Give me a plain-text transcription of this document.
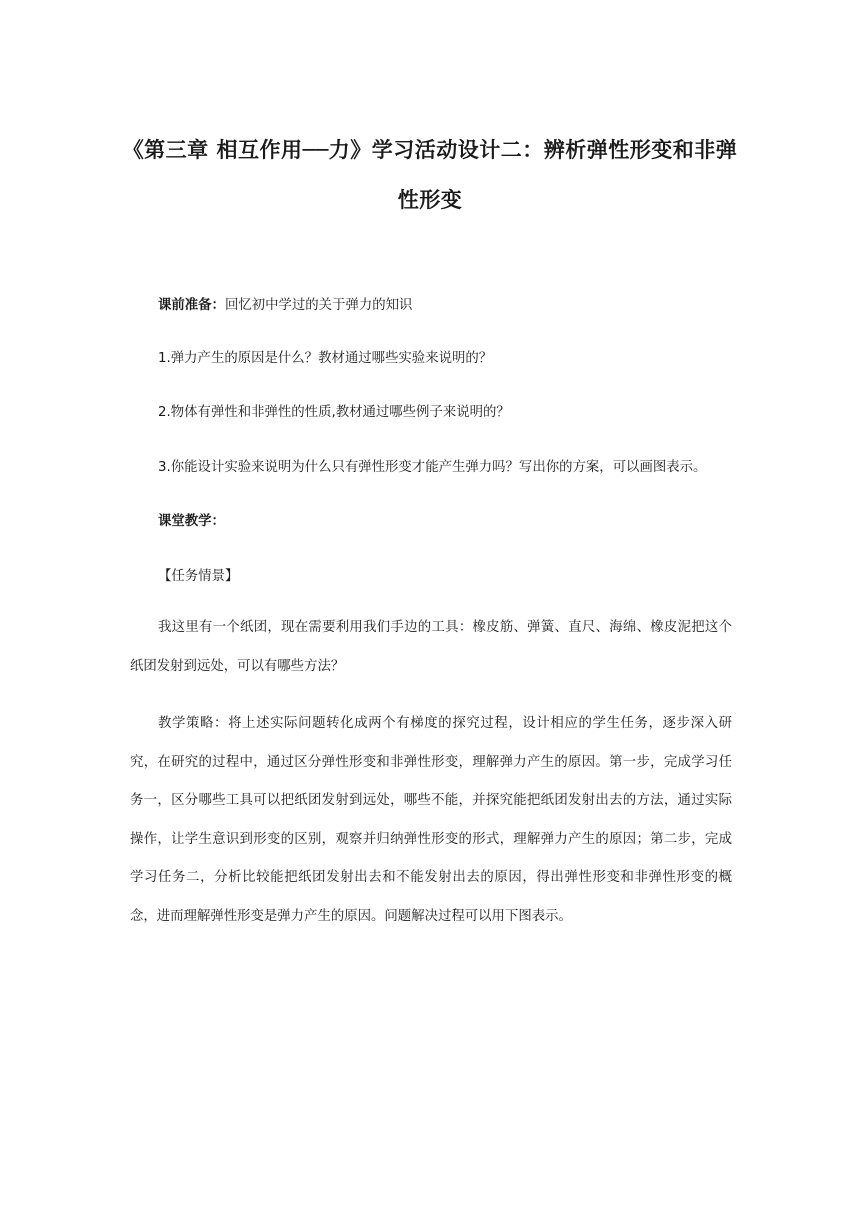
《第三章 相互作用──力》学习活动设计二：辨析弹性形变和非弹性形变

课前准备：回忆初中学过的关于弹力的知识

1.弹力产生的原因是什么？教材通过哪些实验来说明的？

2.物体有弹性和非弹性的性质,教材通过哪些例子来说明的？

3.你能设计实验来说明为什么只有弹性形变才能产生弹力吗？写出你的方案，可以画图表示。

课堂教学：

【任务情景】

我这里有一个纸团，现在需要利用我们手边的工具：橡皮筋、弹簧、直尺、海绵、橡皮泥把这个纸团发射到远处，可以有哪些方法？

教学策略：将上述实际问题转化成两个有梯度的探究过程，设计相应的学生任务，逐步深入研究，在研究的过程中，通过区分弹性形变和非弹性形变，理解弹力产生的原因。第一步，完成学习任务一，区分哪些工具可以把纸团发射到远处，哪些不能，并探究能把纸团发射出去的方法，通过实际操作，让学生意识到形变的区别，观察并归纳弹性形变的形式，理解弹力产生的原因；第二步，完成学习任务二，分析比较能把纸团发射出去和不能发射出去的原因，得出弹性形变和非弹性形变的概念，进而理解弹性形变是弹力产生的原因。问题解决过程可以用下图表示。
